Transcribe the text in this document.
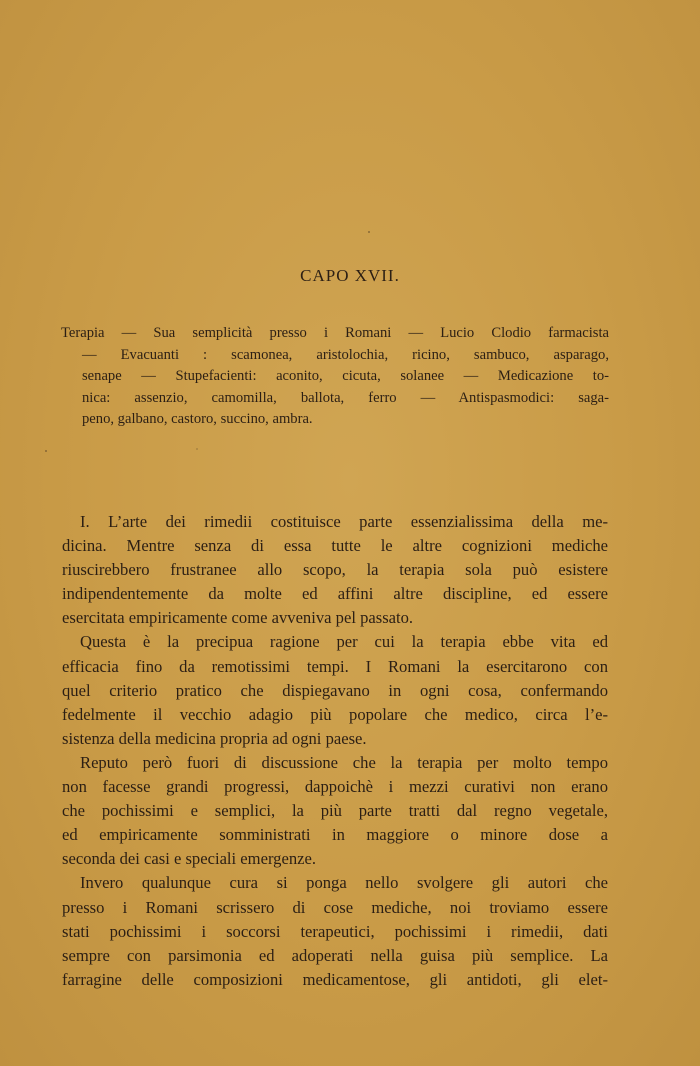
CAPO XVII.
Terapia — Sua semplicità presso i Romani — Lucio Clodio farmacista
— Evacuanti : scamonea, aristolochia, ricino, sambuco, asparago,
senape — Stupefacienti: aconito, cicuta, solanee — Medicazione to-
nica: assenzio, camomilla, ballota, ferro — Antispasmodici: saga-
peno, galbano, castoro, succino, ambra.
I. L’arte dei rimedii costituisce parte essenzialissima della me-
dicina. Mentre senza di essa tutte le altre cognizioni mediche
riuscirebbero frustranee allo scopo, la terapia sola può esistere
indipendentemente da molte ed affini altre discipline, ed essere
esercitata empiricamente come avveniva pel passato.
Questa è la precipua ragione per cui la terapia ebbe vita ed
efficacia fino da remotissimi tempi. I Romani la esercitarono con
quel criterio pratico che dispiegavano in ogni cosa, confermando
fedelmente il vecchio adagio più popolare che medico, circa l’e-
sistenza della medicina propria ad ogni paese.
Reputo però fuori di discussione che la terapia per molto tempo
non facesse grandi progressi, dappoichè i mezzi curativi non erano
che pochissimi e semplici, la più parte tratti dal regno vegetale,
ed empiricamente somministrati in maggiore o minore dose a
seconda dei casi e speciali emergenze.
Invero qualunque cura si ponga nello svolgere gli autori che
presso i Romani scrissero di cose mediche, noi troviamo essere
stati pochissimi i soccorsi terapeutici, pochissimi i rimedii, dati
sempre con parsimonia ed adoperati nella guisa più semplice. La
farragine delle composizioni medicamentose, gli antidoti, gli elet-
